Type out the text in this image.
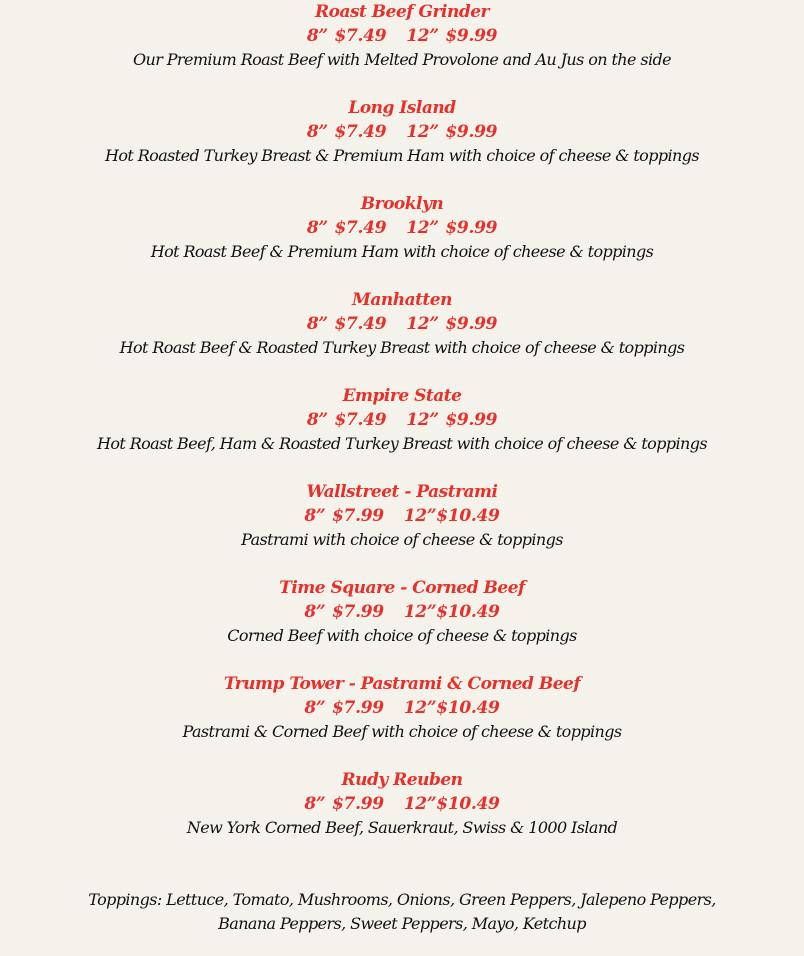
Roast Beef Grinder
8” $7.49 12” $9.99
Our Premium Roast Beef with Melted Provolone and Au Jus on the side
Long Island
8” $7.49 12” $9.99
Hot Roasted Turkey Breast & Premium Ham with choice of cheese & toppings
Brooklyn
8” $7.49 12” $9.99
Hot Roast Beef & Premium Ham with choice of cheese & toppings
Manhatten
8” $7.49 12” $9.99
Hot Roast Beef & Roasted Turkey Breast with choice of cheese & toppings
Empire State
8” $7.49 12” $9.99
Hot Roast Beef, Ham & Roasted Turkey Breast with choice of cheese & toppings
Wallstreet - Pastrami
8” $7.99 12”$10.49
Pastrami with choice of cheese & toppings
Time Square - Corned Beef
8” $7.99 12”$10.49
Corned Beef with choice of cheese & toppings
Trump Tower - Pastrami & Corned Beef
8” $7.99 12”$10.49
Pastrami & Corned Beef with choice of cheese & toppings
Rudy Reuben
8” $7.99 12”$10.49
New York Corned Beef, Sauerkraut, Swiss & 1000 Island
Toppings: Lettuce, Tomato, Mushrooms, Onions, Green Peppers, Jalepeno Peppers,
Banana Peppers, Sweet Peppers, Mayo, Ketchup
